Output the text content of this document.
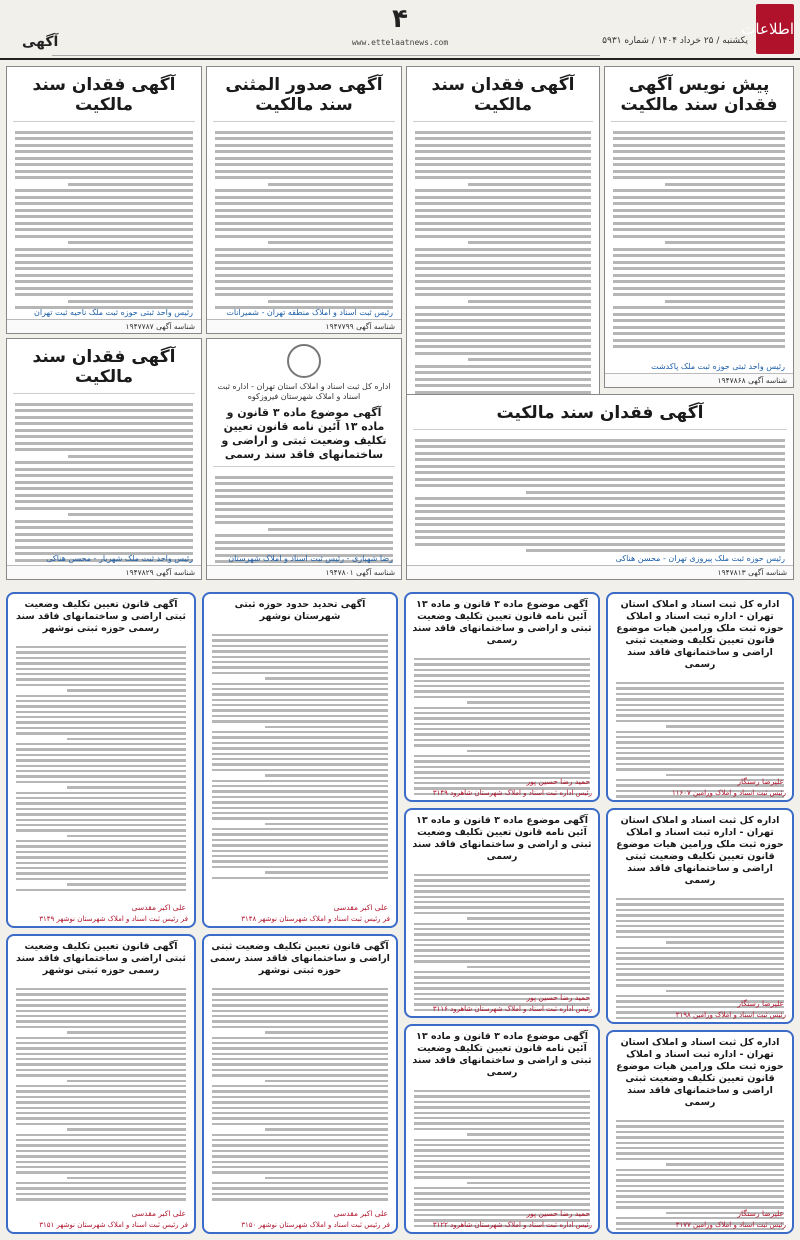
اطلاعات
۴
www.ettelaatnews.com	یکشنبه / ۲۵ خرداد ۱۴۰۴ / شماره ۵۹۳۱
آگهی
پیش نویس آگهی فقدان سند مالکیت
رئیس واحد ثبتی حوزه ثبت ملک پاکدشت
شناسه آگهی ۱۹۴۷۸۶۸
آگهی فقدان سند مالکیت
آگهی صدور المثنی سند مالکیت
رئیس ثبت اسناد و املاک منطقه تهران - شمیرانات
شناسه آگهی ۱۹۴۷۷۹۹
آگهی فقدان سند مالکیت
رئیس واحد ثبتی حوزه ثبت ملک ناحیه ثبت تهران
شناسه آگهی ۱۹۴۷۷۸۷
آگهی فقدان سند مالکیت
رئیس حوزه ثبت ملک پیروزی تهران - محسن هناکی
شناسه آگهی ۱۹۴۷۸۱۳
اداره کل ثبت اسناد و املاک استان تهران - اداره ثبت اسناد و املاک شهرستان فیروزکوه
آگهی موضوع ماده ۳ قانون و ماده ۱۳ آئین نامه قانون تعیین تکلیف وضعیت ثبتی و اراضی و ساختمانهای فاقد سند رسمی
رضا شهبازی - رئیس ثبت اسناد و املاک شهرستان
شناسه آگهی ۱۹۴۷۸۰۱
آگهی فقدان سند مالکیت
رئیس واحد ثبت ملک شهریار - محسن هناکی
شناسه آگهی ۱۹۴۷۸۲۹
اداره کل ثبت اسناد و املاک استان تهران - اداره ثبت اسناد و املاک حوزه ثبت ملک ورامین هیات موضوع قانون تعیین تکلیف وضعیت ثبتی اراضی و ساختمانهای فاقد سند رسمی
علیرضا رستگار
رئیس ثبت اسناد و املاک ورامین ۱۱۶۰۷
آگهی موضوع ماده ۳ قانون و ماده ۱۳ آئین نامه قانون تعیین تکلیف وضعیت ثبتی و اراضی و ساختمانهای فاقد سند رسمی
حمید رضا حسین پور
رئیس اداره ثبت اسناد و املاک شهرستان شاهرود ۳۱۴۹
آگهی تحدید حدود حوزه ثبتی شهرستان نوشهر
علی اکبر مقدسی
فر رئیس ثبت اسناد و املاک شهرستان نوشهر ۳۱۴۸
آگهی قانون تعیین تکلیف وضعیت ثبتی اراضی و ساختمانهای فاقد سند رسمی حوزه ثبتی نوشهر
علی اکبر مقدسی
فر رئیس ثبت اسناد و املاک شهرستان نوشهر ۳۱۴۹
اداره کل ثبت اسناد و املاک استان تهران - اداره ثبت اسناد و املاک حوزه ثبت ملک ورامین هیات موضوع قانون تعیین تکلیف وضعیت ثبتی اراضی و ساختمانهای فاقد سند رسمی
علیرضا رستگار
رئیس ثبت اسناد و املاک ورامین ۳۱۹۸
آگهی موضوع ماده ۳ قانون و ماده ۱۳ آئین نامه قانون تعیین تکلیف وضعیت ثبتی و اراضی و ساختمانهای فاقد سند رسمی
حمید رضا حسین پور
رئیس اداره ثبت اسناد و املاک شهرستان شاهرود ۳۱۱۶
آگهی قانون تعیین تکلیف وضعیت ثبتی اراضی و ساختمانهای فاقد سند رسمی حوزه ثبتی نوشهر
علی اکبر مقدسی
فر رئیس ثبت اسناد و املاک شهرستان نوشهر ۳۱۵۱
آگهی قانون تعیین تکلیف وضعیت ثبتی اراضی و ساختمانهای فاقد سند رسمی حوزه ثبتی نوشهر
علی اکبر مقدسی
فر رئیس ثبت اسناد و املاک شهرستان نوشهر ۳۱۵۰
اداره کل ثبت اسناد و املاک استان تهران - اداره ثبت اسناد و املاک حوزه ثبت ملک ورامین هیات موضوع قانون تعیین تکلیف وضعیت ثبتی اراضی و ساختمانهای فاقد سند رسمی
علیرضا رستگار
رئیس ثبت اسناد و املاک ورامین ۳۱۷۷
آگهی موضوع ماده ۳ قانون و ماده ۱۳ آئین نامه قانون تعیین تکلیف وضعیت ثبتی و اراضی و ساختمانهای فاقد سند رسمی
حمید رضا حسین پور
رئیس اداره ثبت اسناد و املاک شهرستان شاهرود ۳۱۲۲
